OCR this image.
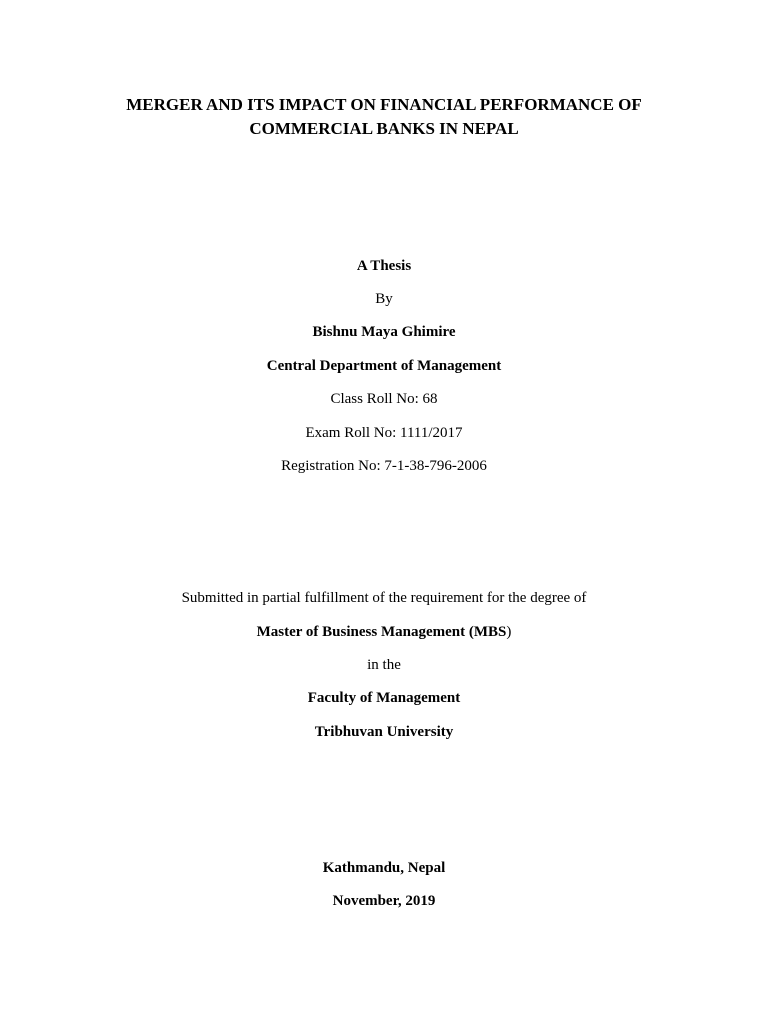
MERGER AND ITS IMPACT ON FINANCIAL PERFORMANCE OF
COMMERCIAL BANKS IN NEPAL
A Thesis
By
Bishnu Maya Ghimire
Central Department of Management
Class Roll No: 68
Exam Roll No: 1111/2017
Registration No: 7-1-38-796-2006
Submitted in partial fulfillment of the requirement for the degree of
Master of Business Management (MBS)
in the
Faculty of Management
Tribhuvan University
Kathmandu, Nepal
November, 2019
